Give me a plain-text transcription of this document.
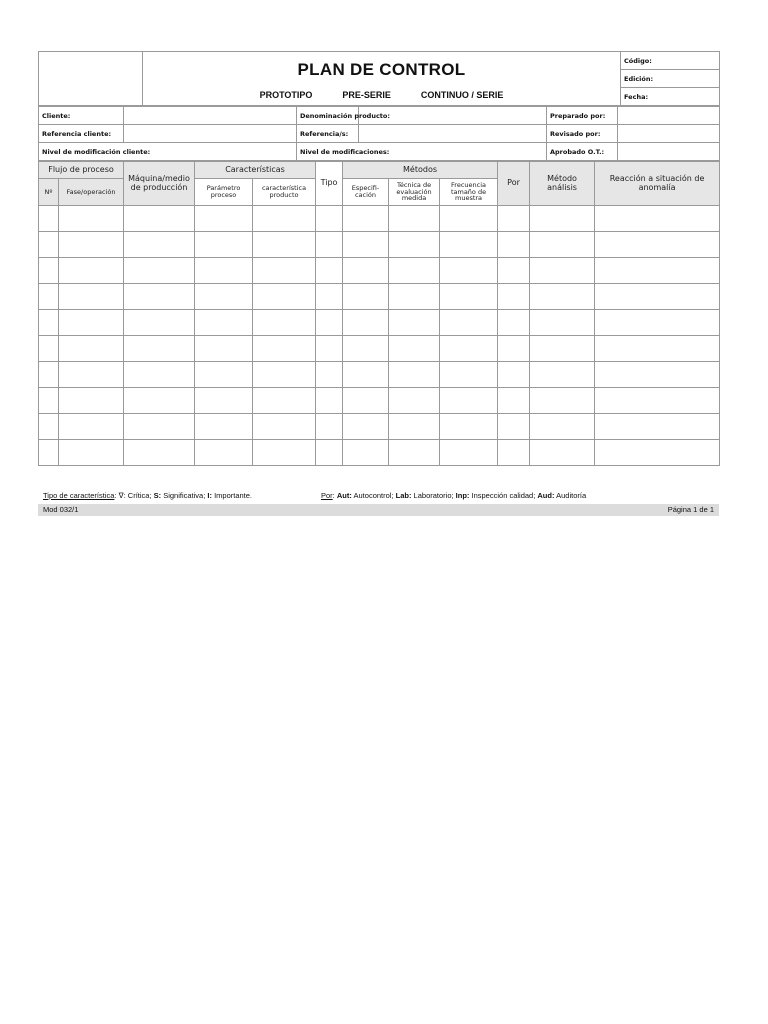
PLAN DE CONTROL
PROTOTIPO	PRE-SERIE	CONTINUO / SERIE
	Código:
Edición:
Fecha:
Cliente:		Denominación producto:		Preparado por:	
Referencia cliente:		Referencia/s:		Revisado por:	
Nivel de modificación cliente:		Nivel de modificaciones:		Aprobado O.T.:	
Flujo de proceso		Máquina/medio de producción	Características		Tipo	Métodos			Por	Método análisis	Reacción a situación de anomalía
Nº	Fase/operación		Parámetro proceso	característica producto		Especifi-cación	Técnica de evaluación medida	Frecuencia tamaño de muestra			

Tipo de característica: ∇: Crítica; S: Significativa; I: Importante.	Por: Aut: Autocontrol; Lab: Laboratorio; Inp: Inspección calidad; Aud: Auditoría
Mod 032/1	Página 1 de 1
